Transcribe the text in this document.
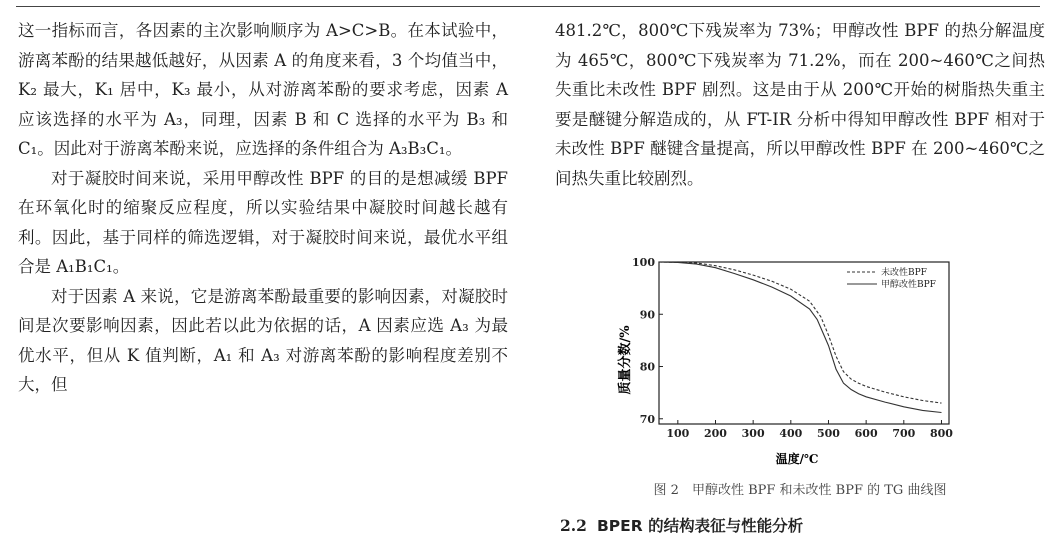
这一指标而言，各因素的主次影响顺序为 A>C>B。在本试验中，游离苯酚的结果越低越好，从因素 A 的角度来看，3 个均值当中，K₂ 最大，K₁ 居中，K₃ 最小，从对游离苯酚的要求考虑，因素 A 应该选择的水平为 A₃，同理，因素 B 和 C 选择的水平为 B₃ 和 C₁。因此对于游离苯酚来说，应选择的条件组合为 A₃B₃C₁。

对于凝胶时间来说，采用甲醇改性 BPF 的目的是想减缓 BPF 在环氧化时的缩聚反应程度，所以实验结果中凝胶时间越长越有利。因此，基于同样的筛选逻辑，对于凝胶时间来说，最优水平组合是 A₁B₁C₁。

对于因素 A 来说，它是游离苯酚最重要的影响因素，对凝胶时间是次要影响因素，因此若以此为依据的话，A 因素应选 A₃ 为最优水平，但从 K 值判断，A₁ 和 A₃ 对游离苯酚的影响程度差别不大，但

481.2℃，800℃下残炭率为 73%；甲醇改性 BPF 的热分解温度为 465℃，800℃下残炭率为 71.2%，而在 200~460℃之间热失重比未改性 BPF 剧烈。这是由于从 200℃开始的树脂热失重主要是醚键分解造成的，从 FT-IR 分析中得知甲醇改性 BPF 相对于未改性 BPF 醚键含量提高，所以甲醇改性 BPF 在 200~460℃之间热失重比较剧烈。

100 200 300 400 500 600 700 800
70
80
90
100
未改性BPF
甲醇改性BPF
质量分数/%
温度/℃
图 2　甲醇改性 BPF 和未改性 BPF 的 TG 曲线图
2.2 BPER 的结构表征与性能分析
